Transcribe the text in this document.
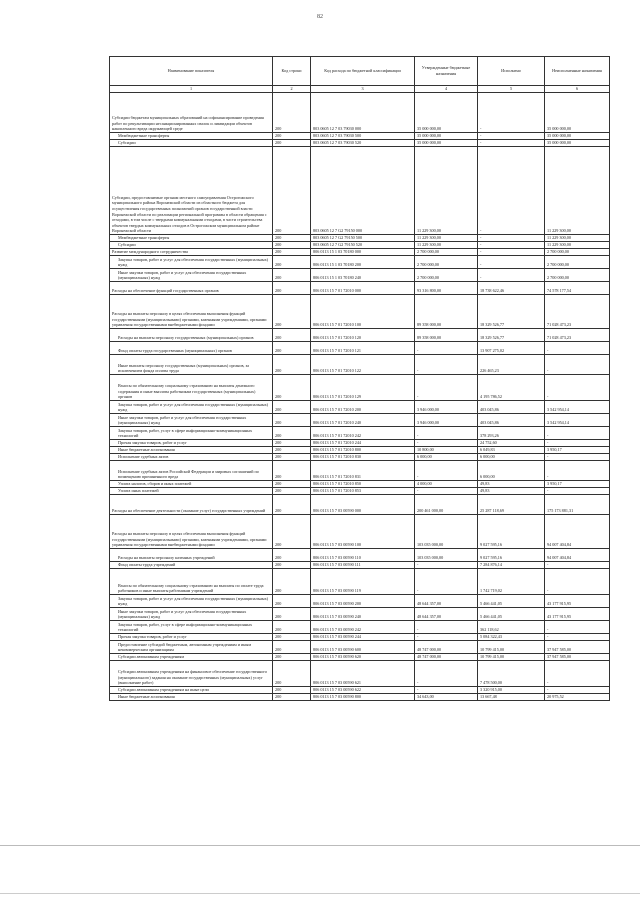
82
Наименование показателя	Код строки	Код расхода по бюджетной классификации	Утвержденные бюджетные назначения	Исполнено	Неисполненные назначения
1	2	3	4	5	6
Субсидии бюджетам муниципальных образований на софинансирование проведения работ по рекультивации несанкционированных свалок и ликвидации объектов накопленного вреда окружающей среде	200	803 0605 12 7 03 79030 000	35 000 000,00	-	35 000 000,00
Межбюджетные трансферты	200	803 0605 12 7 03 79030 500	35 000 000,00	-	35 000 000,00
Субсидии	200	803 0605 12 7 03 79030 520	35 000 000,00	-	35 000 000,00
Субсидии, предоставляемые органам местного самоуправления Острогожского муниципального района Воронежской области из областного бюджета для осуществления государственных полномочий органов государственной власти Воронежской области по реализации региональной программы в области обращения с отходами, в том числе с твердыми коммунальными отходами, в части строительства объектов твердых коммунальных отходов в Острогожском муниципальном районе Воронежской области	200	803 0605 12 7 G2 79150 000	11 229 300,00	-	11 229 300,00
Межбюджетные трансферты	200	803 0605 12 7 G2 79150 500	11 229 300,00	-	11 229 300,00
Субсидии	200	803 0605 12 7 G2 79150 520	11 229 300,00	-	11 229 300,00
Развитие международного сотрудничества	200	806 0113 15 1 03 70180 000	2 700 000,00	-	2 700 000,00
Закупка товаров, работ и услуг для обеспечения государственных (муниципальных) нужд	200	806 0113 15 1 03 70180 200	2 700 000,00	-	2 700 000,00
Иные закупки товаров, работ и услуг для обеспечения государственных (муниципальных) нужд	200	806 0113 15 1 03 70180 240	2 700 000,00	-	2 700 000,00
Расходы на обеспечение функций государственных органов	200	806 0113 15 7 01 72010 000	93 316 800,00	18 738 622,46	74 578 177,54
Расходы на выплаты персоналу в целях обеспечения выполнения функций государственными (муниципальными) органами, казенными учреждениями, органами управления государственными внебюджетными фондами	200	806 0113 15 7 01 72010 100	89 358 000,00	18 329 526,77	71 028 473,23
Расходы на выплаты персоналу государственных (муниципальных) органов	200	806 0113 15 7 01 72010 120	89 358 000,00	18 329 526,77	71 028 473,23
Фонд оплаты труда государственных (муниципальных) органов	200	806 0113 15 7 01 72010 121	-	13 907 275,02	-
Иные выплаты персоналу государственных (муниципальных) органов, за исключением фонда оплаты труда	200	806 0113 15 7 01 72010 122	-	226 465,23	-
Взносы по обязательному социальному страхованию на выплаты денежного содержания и иные выплаты работникам государственных (муниципальных) органов	200	806 0113 15 7 01 72010 129	-	4 195 786,52	-
Закупка товаров, работ и услуг для обеспечения государственных (муниципальных) нужд	200	806 0113 15 7 01 72010 200	3 946 000,00	403 045,86	3 542 954,14
Иные закупки товаров, работ и услуг для обеспечения государственных (муниципальных) нужд	200	806 0113 15 7 01 72010 240	3 946 000,00	403 045,86	3 542 954,14
Закупка товаров, работ, услуг в сфере информационно-коммуникационных технологий	200	806 0113 15 7 01 72010 242	-	378 293,26	-
Прочая закупка товаров, работ и услуг	200	806 0113 15 7 01 72010 244	-	24 752,60	-
Иные бюджетные ассигнования	200	806 0113 15 7 01 72010 800	10 800,00	6 049,83	3 950,17
Исполнение судебных актов	200	806 0113 15 7 01 72010 830	6 000,00	6 000,00	-
Исполнение судебных актов Российской Федерации и мировых соглашений по возмещению причиненного вреда	200	806 0113 15 7 01 72010 831	-	6 000,00	-
Уплата налогов, сборов и иных платежей	200	806 0113 15 7 01 72010 850	4 000,00	49,83	3 950,17
Уплата иных платежей	200	806 0113 15 7 01 72010 853	-	49,83	-
Расходы на обеспечение деятельности (оказание услуг) государственных учреждений	200	806 0113 15 7 03 00590 000	200 461 000,00	25 287 118,69	175 173 881,31
Расходы на выплаты персоналу в целях обеспечения выполнения функций государственными (муниципальными) органами, казенными учреждениями, органами управления государственными внебюджетными фондами	200	806 0113 15 7 03 00590 100	103 035 000,00	9 027 595,16	94 007 404,84
Расходы на выплаты персоналу казенных учреждений	200	806 0113 15 7 03 00590 110	103 035 000,00	9 027 595,16	94 007 404,84
Фонд оплаты труда учреждений	200	806 0113 15 7 03 00590 111	-	7 284 876,14	-
Взносы по обязательному социальному страхованию на выплаты по оплате труда работников и иные выплаты работникам учреждений	200	806 0113 15 7 03 00590 119	-	1 742 719,02	-
Закупка товаров, работ и услуг для обеспечения государственных (муниципальных) нужд	200	806 0113 15 7 03 00590 200	48 644 357,00	5 466 441,05	43 177 915,95
Иные закупки товаров, работ и услуг для обеспечения государственных (муниципальных) нужд	200	806 0113 15 7 03 00590 240	48 644 357,00	5 466 441,05	43 177 915,95
Закупка товаров, работ, услуг в сфере информационно-коммуникационных технологий	200	806 0113 15 7 03 00590 242	-	362 118,62	-
Прочая закупка товаров, работ и услуг	200	806 0113 15 7 03 00590 244	-	5 084 322,43	-
Предоставление субсидий бюджетным, автономным учреждениям и иным некоммерческим организациям	200	806 0113 15 7 03 00590 600	48 747 000,00	10 799 415,00	37 947 585,00
Субсидии автономным учреждениям	200	806 0113 15 7 03 00590 620	48 747 000,00	10 799 415,00	37 947 585,00
Субсидии автономным учреждениям на финансовое обеспечение государственного (муниципального) задания на оказание государственных (муниципальных) услуг (выполнение работ)	200	806 0113 15 7 03 00590 621	-	7 478 500,00	-
Субсидии автономным учреждениям на иные цели	200	806 0113 15 7 03 00590 622	-	3 320 915,00	-
Иные бюджетные ассигнования	200	806 0113 15 7 03 00590 800	34 643,00	13 667,48	20 975,52
